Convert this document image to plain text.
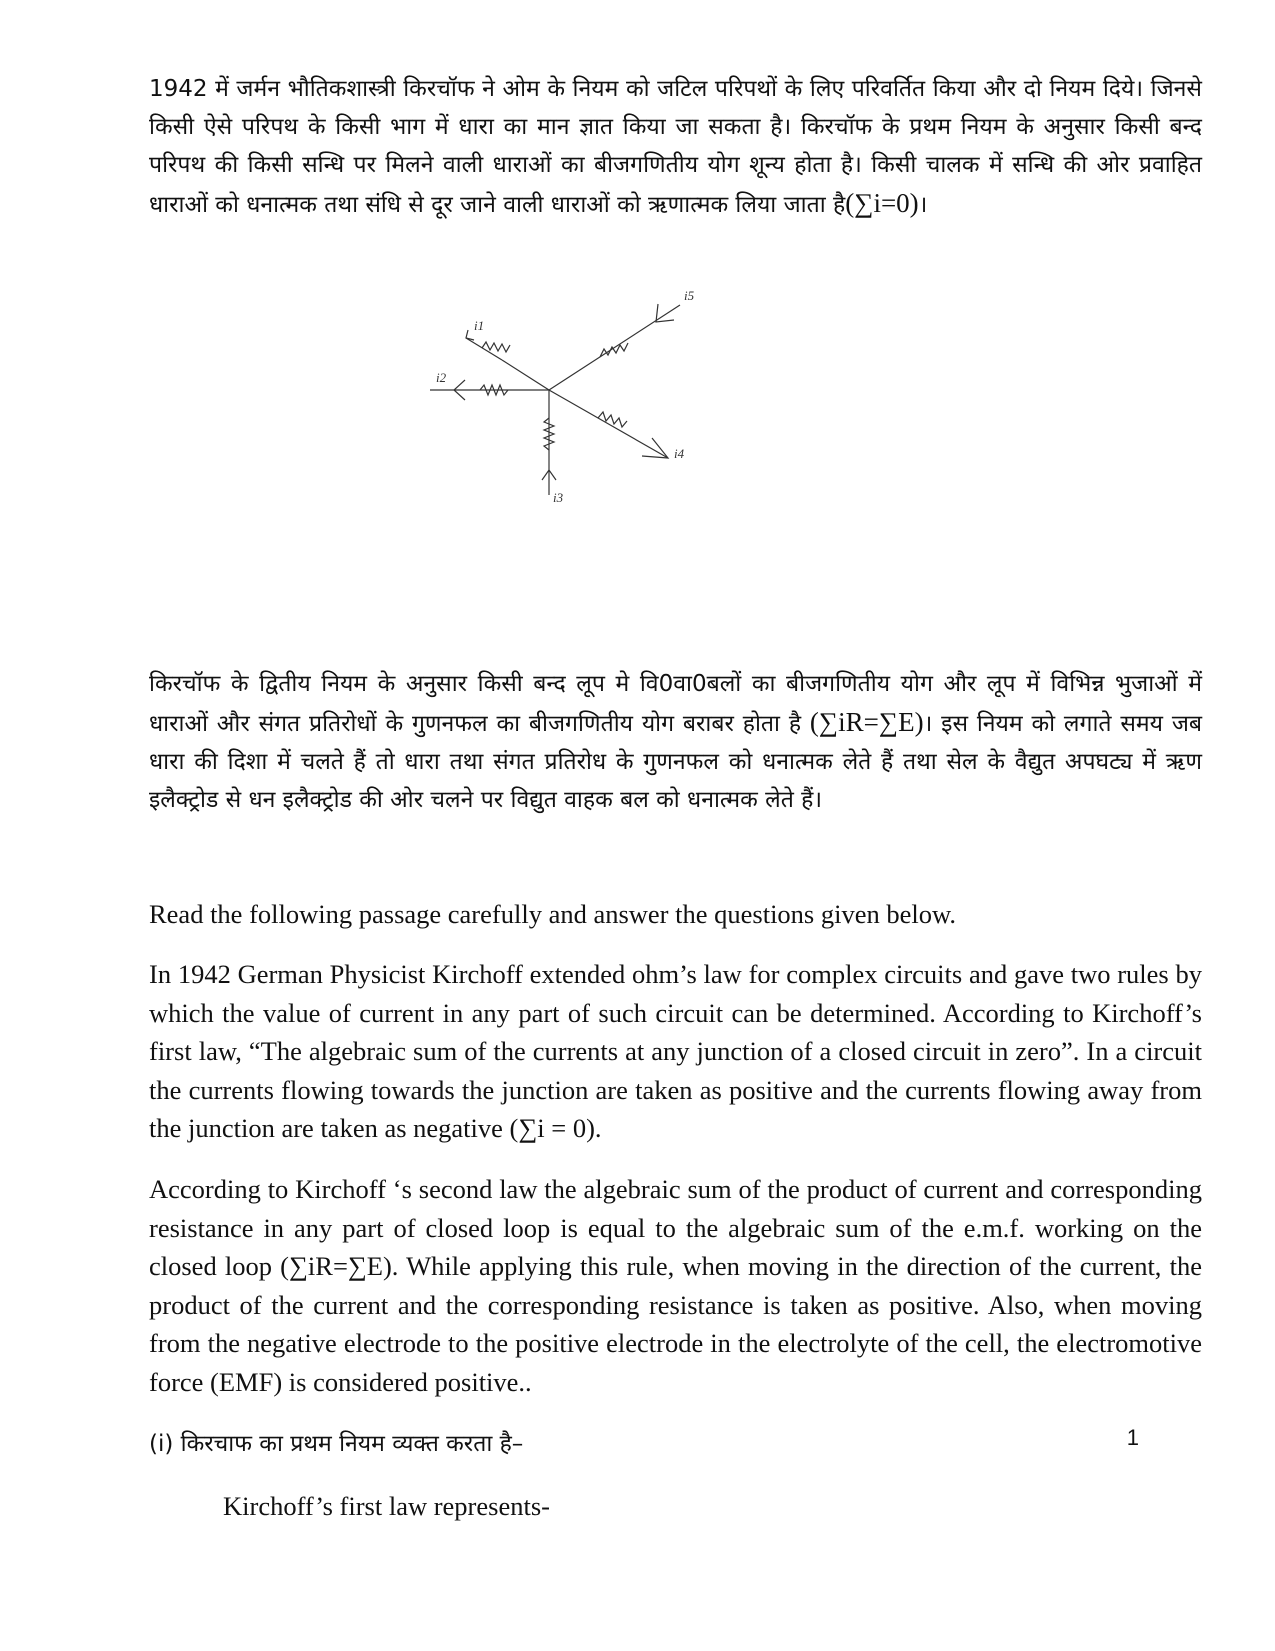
1942 में जर्मन भौतिकशास्त्री किरचॉफ ने ओम के नियम को जटिल परिपथों के लिए परिवर्तित किया और दो नियम दिये। जिनसे किसी ऐसे परिपथ के किसी भाग में धारा का मान ज्ञात किया जा सकता है। किरचॉफ के प्रथम नियम के अनुसार किसी बन्द परिपथ की किसी सन्धि पर मिलने वाली धाराओं का बीजगणितीय योग शून्य होता है। किसी चालक में सन्धि की ओर प्रवाहित धाराओं को धनात्मक तथा संधि से दूर जाने वाली धाराओं को ऋणात्मक लिया जाता है(∑i=0)।

i1
i2
i3
i4
i5

किरचॉफ के द्वितीय नियम के अनुसार किसी बन्द लूप मे वि0वा0बलों का बीजगणितीय योग और लूप में विभिन्न भुजाओं में धाराओं और संगत प्रतिरोधों के गुणनफल का बीजगणितीय योग बराबर होता है (∑iR=∑E)। इस नियम को लगाते समय जब धारा की दिशा में चलते हैं तो धारा तथा संगत प्रतिरोध के गुणनफल को धनात्मक लेते हैं तथा सेल के वैद्युत अपघट्य में ऋण इलैक्ट्रोड से धन इलैक्ट्रोड की ओर चलने पर विद्युत वाहक बल को धनात्मक लेते हैं।

Read the following passage carefully and answer the questions given below.

In 1942 German Physicist Kirchoff extended ohm’s law for complex circuits and gave two rules by which the value of current in any part of such circuit can be determined. According to Kirchoff’s first law, “The algebraic sum of the currents at any junction of a closed circuit in zero”. In a circuit the currents flowing towards the junction are taken as positive and the currents flowing away from the junction are taken as negative (∑i = 0).

According to Kirchoff ‘s second law the algebraic sum of the product of current and corresponding resistance in any part of closed loop is equal to the algebraic sum of the e.m.f. working on the closed loop (∑iR=∑E). While applying this rule, when moving in the direction of the current, the product of the current and the corresponding resistance is taken as positive. Also, when moving from the negative electrode to the positive electrode in the electrolyte of the cell, the electromotive force (EMF) is considered positive..

(i) किरचाफ का प्रथम नियम व्यक्त करता है–	1

Kirchoff’s first law represents-
